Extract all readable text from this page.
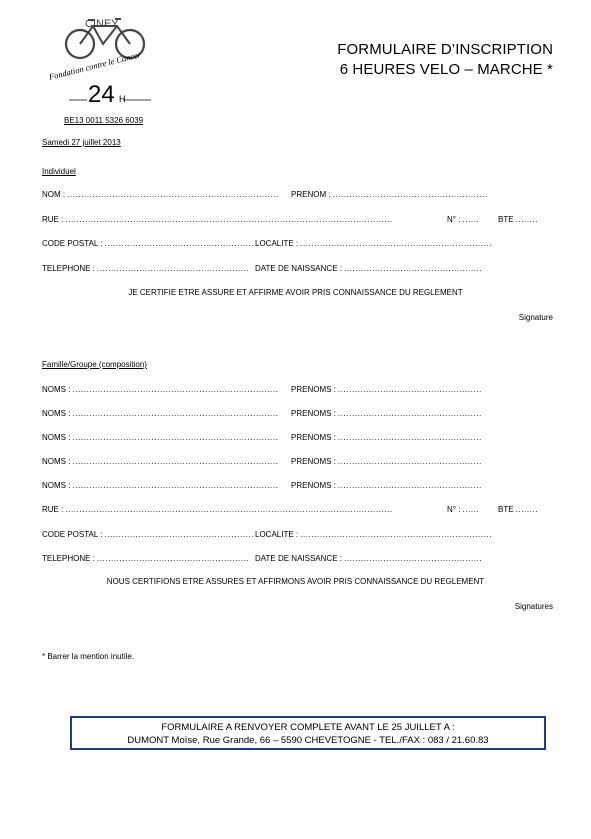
CINEY
Fondation contre le Cancer
24 H
BE13 0011 5326 6039
Samedi 27 juillet 2013
FORMULAIRE D’INSCRIPTION
6 HEURES VELO – MARCHE *
Individuel
NOM : ........................................................................... PRENOM : .......................................................
RUE : ....................................................................................................................	N° : ...... BTE ........
CODE POSTAL : ..................................................... LOCALITE : ....................................................................
TELEPHONE : ...................................................... DATE DE NAISSANCE : .................................................
JE CERTIFIE ETRE ASSURE ET AFFIRME AVOIR PRIS CONNAISSANCE DU REGLEMENT
Signature
Famille/Groupe (composition)
NOMS : ......................................................................... PRENOMS : ...................................................
NOMS : ......................................................................... PRENOMS : ...................................................
NOMS : ......................................................................... PRENOMS : ...................................................
NOMS : ......................................................................... PRENOMS : ...................................................
NOMS : ......................................................................... PRENOMS : ...................................................
RUE : ....................................................................................................................	N° : ...... BTE ........
CODE POSTAL : ..................................................... LOCALITE : ....................................................................
TELEPHONE : ...................................................... DATE DE NAISSANCE : .................................................
NOUS CERTIFIONS ETRE ASSURES ET AFFIRMONS AVOIR PRIS CONNAISSANCE DU REGLEMENT
Signatures
* Barrer la mention inutile.
FORMULAIRE A RENVOYER COMPLETE AVANT LE 25 JUILLET A :
DUMONT Moïse, Rue Grande, 66 – 5590 CHEVETOGNE - TEL./FAX : 083 / 21.60.83
